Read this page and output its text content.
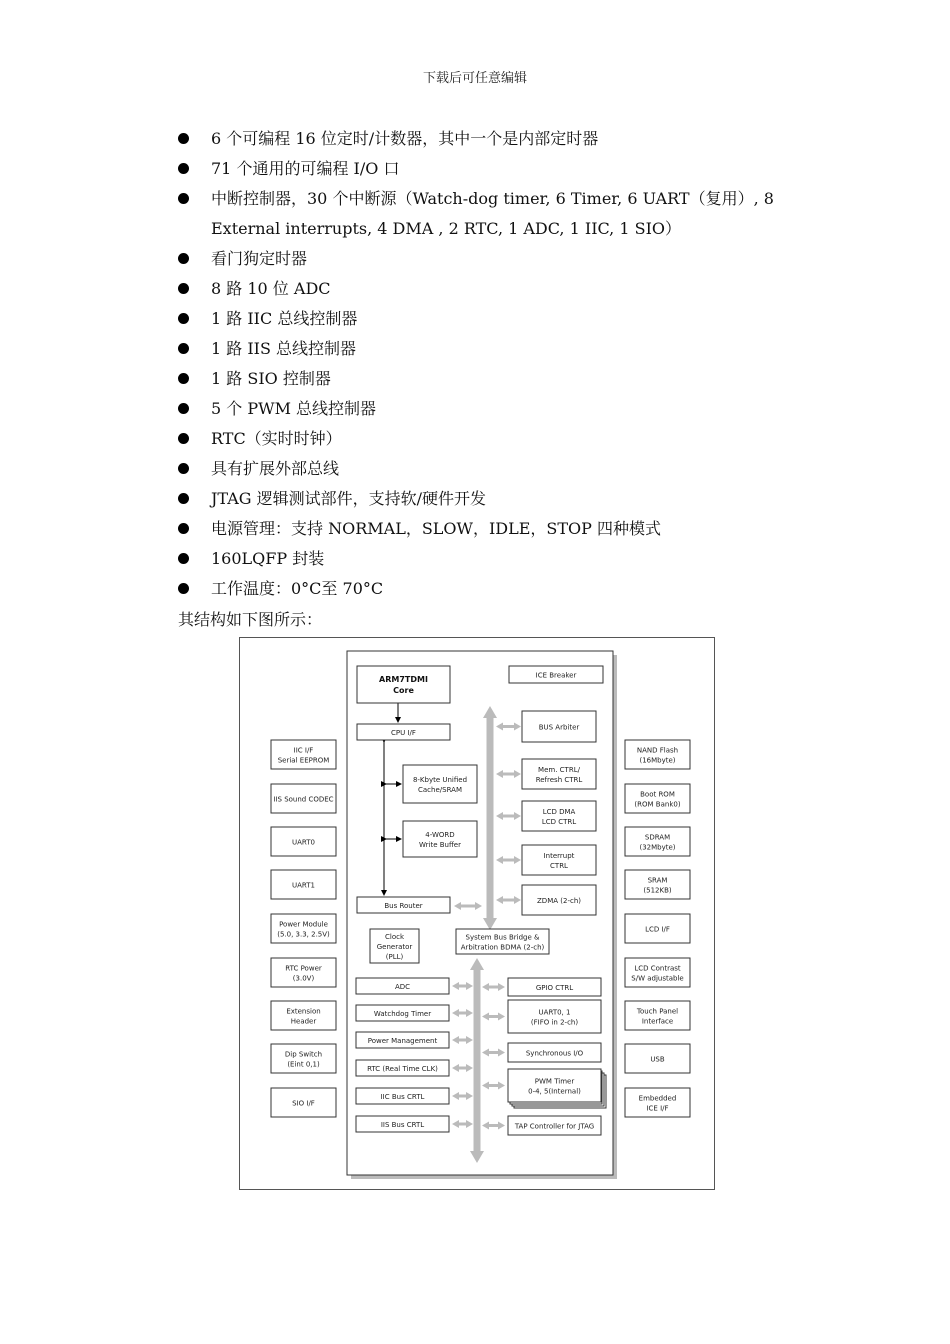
下载后可任意编辑
6 个可编程 16 位定时/计数器，其中一个是内部定时器
71 个通用的可编程 I/O 口
中断控制器，30 个中断源（Watch-dog timer, 6 Timer, 6 UART（复用）, 8 External interrupts, 4 DMA , 2 RTC, 1 ADC, 1 IIC, 1 SIO）
看门狗定时器
8 路 10 位 ADC
1 路 IIC 总线控制器
1 路 IIS 总线控制器
1 路 SIO 控制器
5 个 PWM 总线控制器
RTC（实时时钟）
具有扩展外部总线
JTAG 逻辑测试部件，支持软/硬件开发
电源管理：支持 NORMAL，SLOW，IDLE，STOP 四种模式
160LQFP 封装
工作温度：0°C至 70°C
其结构如下图所示：
ARM7TDMI
Core
ICE Breaker
CPU I/F
8-Kbyte Unified
Cache/SRAM
4-WORD
Write Buffer
Bus Router
Clock
Generator
(PLL)
System Bus Bridge &
Arbitration BDMA (2-ch)
BUS Arbiter
Mem. CTRL/
Refresh CTRL
LCD DMA
LCD CTRL
Interrupt
CTRL
ZDMA (2-ch)
ADC
Watchdog Timer
Power Management
RTC (Real Time CLK)
IIC Bus CRTL
IIS Bus CRTL
GPIO CTRL
UART0, 1
(FIFO in 2-ch)
Synchronous I/O
PWM Timer
0-4, 5(Internal)
TAP Controller for JTAG
IIC I/F
Serial EEPROM
IIS Sound CODEC
UART0
UART1
Power Module
(5.0, 3.3, 2.5V)
RTC Power
(3.0V)
Extension
Header
Dip Switch
(Eint 0,1)
SIO I/F
NAND Flash
(16Mbyte)
Boot ROM
(ROM Bank0)
SDRAM
(32Mbyte)
SRAM
(512KB)
LCD I/F
LCD Contrast
S/W adjustable
Touch Panel
Interface
USB
Embedded
ICE I/F
